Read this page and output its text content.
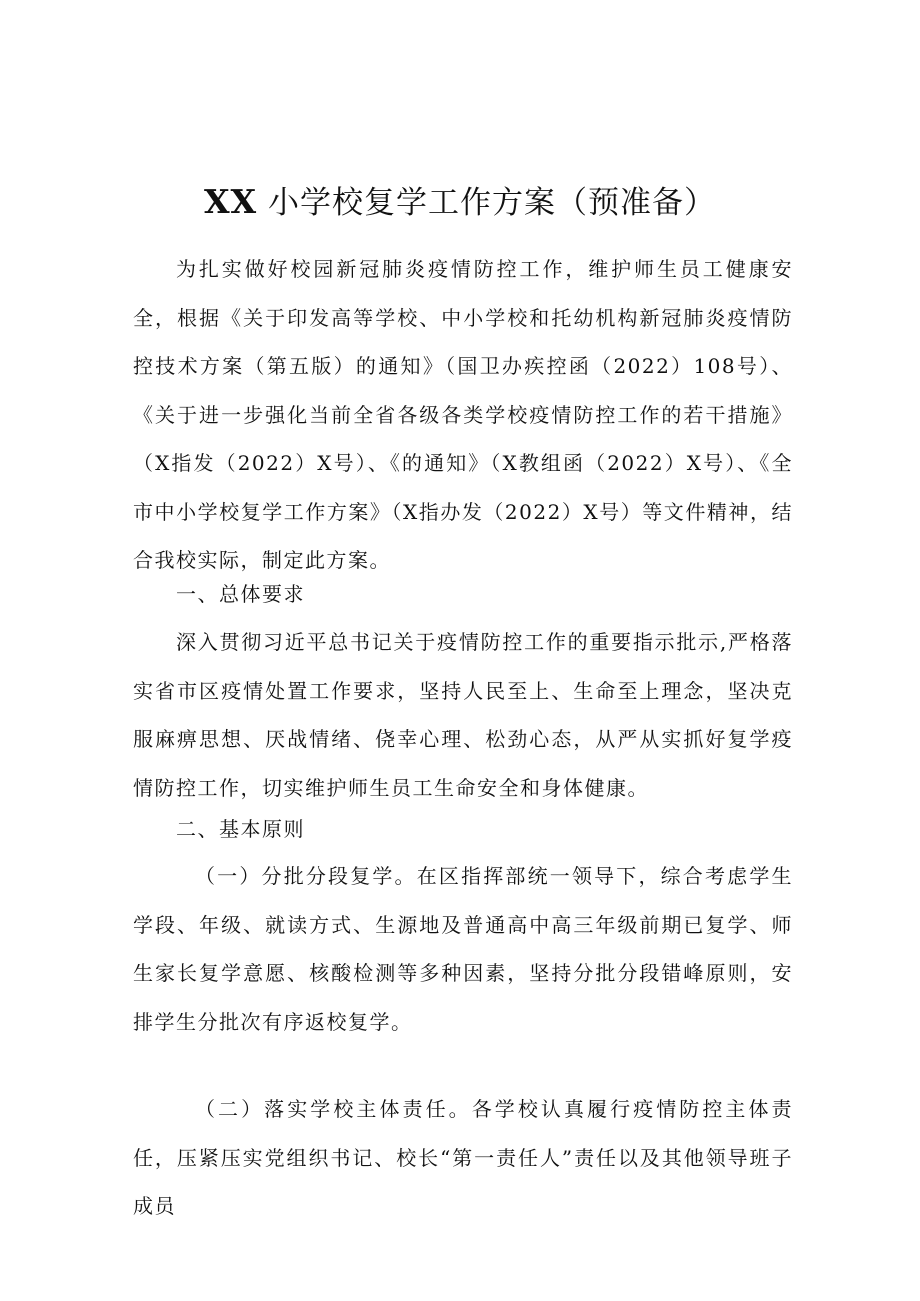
XX 小学校复学工作方案（预准备）

为扎实做好校园新冠肺炎疫情防控工作，维护师生员工健康安全，根据《关于印发高等学校、中小学校和托幼机构新冠肺炎疫情防控技术方案（第五版）的通知》（国卫办疾控函（2022）108号）、《关于进一步强化当前全省各级各类学校疫情防控工作的若干措施》（X指发（2022）X号）、《的通知》（X教组函（2022）X号）、《全市中小学校复学工作方案》（X指办发（2022）X号）等文件精神，结合我校实际，制定此方案。

一、总体要求

深入贯彻习近平总书记关于疫情防控工作的重要指示批示,严格落实省市区疫情处置工作要求，坚持人民至上、生命至上理念，坚决克服麻痹思想、厌战情绪、侥幸心理、松劲心态，从严从实抓好复学疫情防控工作，切实维护师生员工生命安全和身体健康。

二、基本原则

（一）分批分段复学。在区指挥部统一领导下，综合考虑学生学段、年级、就读方式、生源地及普通高中高三年级前期已复学、师生家长复学意愿、核酸检测等多种因素，坚持分批分段错峰原则，安排学生分批次有序返校复学。

（二）落实学校主体责任。各学校认真履行疫情防控主体责任，压紧压实党组织书记、校长“第一责任人”责任以及其他领导班子成员
